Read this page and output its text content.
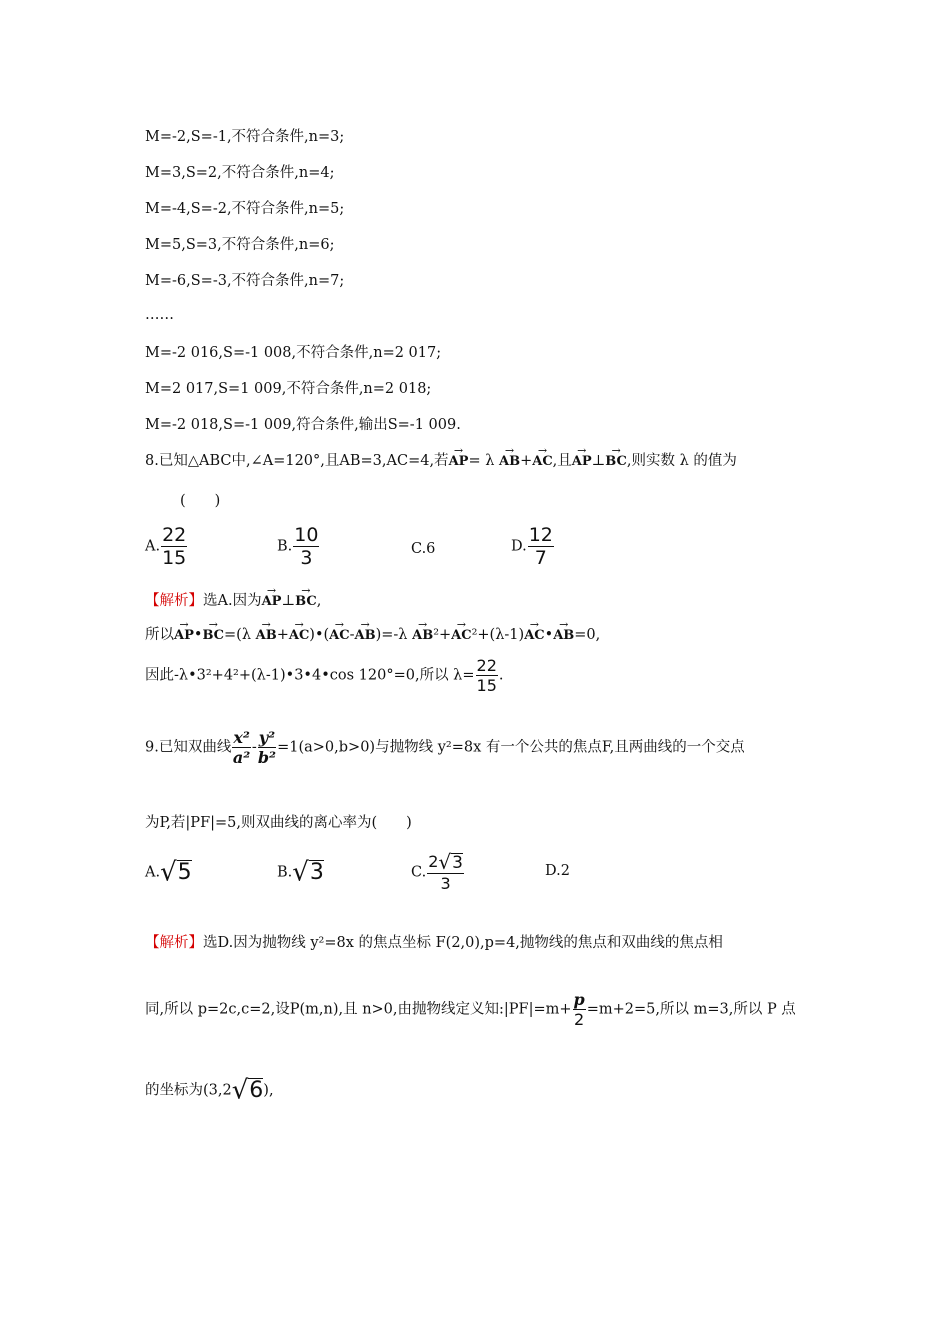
M=-2,S=-1,不符合条件,n=3;
M=3,S=2,不符合条件,n=4;
M=-4,S=-2,不符合条件,n=5;
M=5,S=3,不符合条件,n=6;
M=-6,S=-3,不符合条件,n=7;
……
M=-2 016,S=-1 008,不符合条件,n=2 017;
M=2 017,S=1 009,不符合条件,n=2 018;
M=-2 018,S=-1 009,符合条件,输出S=-1 009.
8.已知△ABC中,∠A=120°,且AB=3,AC=4,若→ AP= λ → AB+→ AC,且→ AP⊥→ BC,则实数 λ 的值为
(　　)
A. $\frac{22}{15}$	B. $\frac{10}{3}$	C.6	D. $\frac{12}{7}$
【解析】选A.因为→ AP⊥→ BC,
所以→ AP•→ BC=(λ → AB+→ AC)•(→ AC-→ AB)=-λ → AB²+→ AC²+(λ-1)→ AC•→ AB=0,
因此-λ•3²+4²+(λ-1)•3•4•cos 120°=0,所以 $\lambda= \frac{22}{15}$ .
9.已知双曲线 $\frac{\text{x²}}{\text{a²}} - \frac{\text{y²}}{\text{b²}} =1(a>0,b>0)$与抛物线 y²=8x 有一个公共的焦点F,且两曲线的一个交点
为P,若|PF|=5,则双曲线的离心率为(　　)
A.√5	B.√3	C. $\frac{2√3}{3}$	D.2
【解析】选D.因为抛物线 y²=8x 的焦点坐标 F(2,0),p=4,抛物线的焦点和双曲线的焦点相
同,所以 p=2c,c=2,设P(m,n),且 n>0,由抛物线定义知:|PF|=m+ $\frac{p}{2} =m+2=5$,所以 m=3,所以 P 点
的坐标为(3,2√6),
